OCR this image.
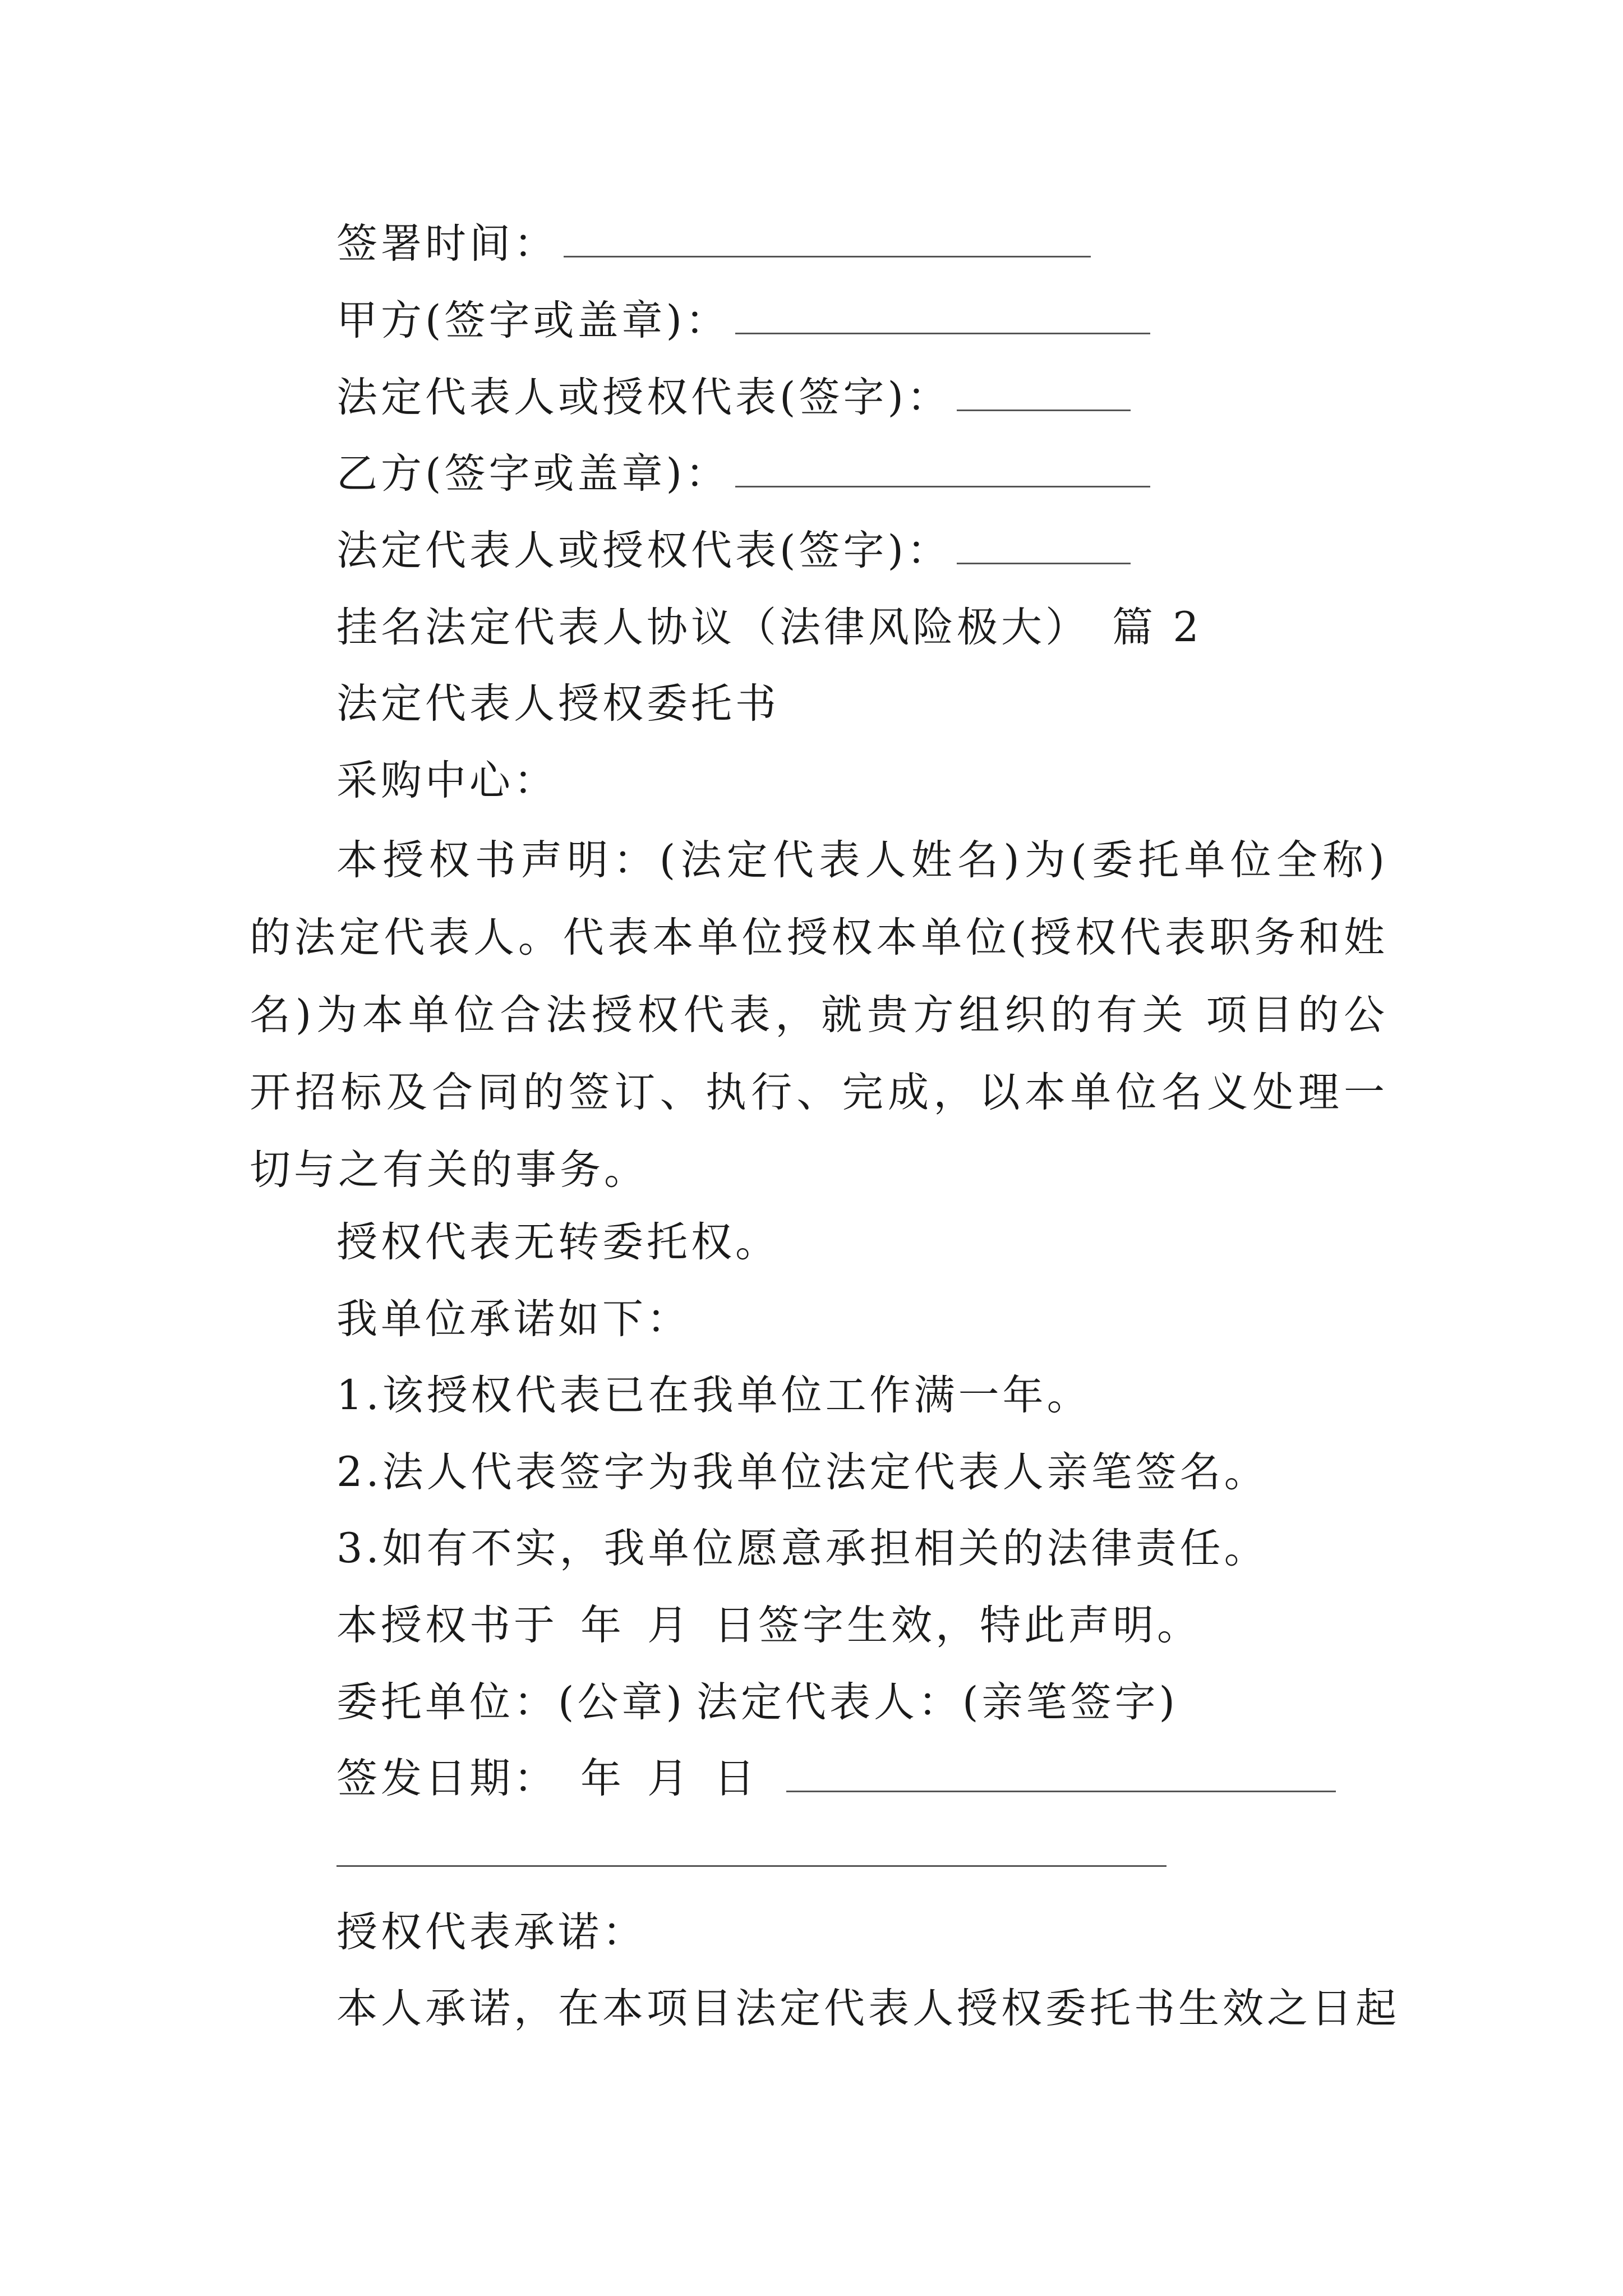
签署时间：
甲方(签字或盖章)：
法定代表人或授权代表(签字)：
乙方(签字或盖章)：
法定代表人或授权代表(签字)：
挂名法定代表人协议（法律风险极大） 篇 2
法定代表人授权委托书
采购中心：
本授权书声明：(法定代表人姓名)为(委托单位全称)的法定代表人。代表本单位授权本单位(授权代表职务和姓名)为本单位合法授权代表，就贵方组织的有关 项目的公开招标及合同的签订、执行、完成，以本单位名义处理一切与之有关的事务。
授权代表无转委托权。
我单位承诺如下：
1.该授权代表已在我单位工作满一年。
2.法人代表签字为我单位法定代表人亲笔签名。
3.如有不实，我单位愿意承担相关的法律责任。
本授权书于 年 月 日签字生效，特此声明。
委托单位：(公章) 法定代表人：(亲笔签字)
签发日期： 年 月 日
授权代表承诺：
本人承诺，在本项目法定代表人授权委托书生效之日起
